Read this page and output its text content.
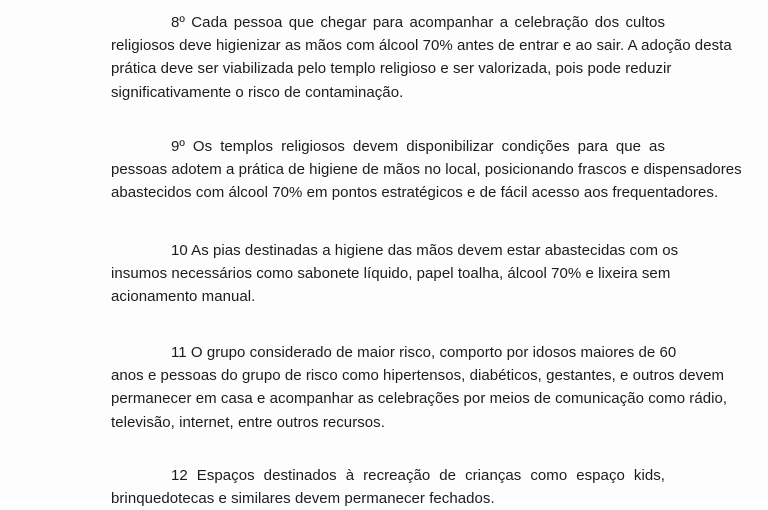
8º Cada pessoa que chegar para acompanhar a celebração dos cultos
religiosos deve higienizar as mãos com álcool 70% antes de entrar e ao sair. A adoção desta
prática deve ser viabilizada pelo templo religioso e ser valorizada, pois pode reduzir
significativamente o risco de contaminação.

9º Os templos religiosos devem disponibilizar condições para que as
pessoas adotem a prática de higiene de mãos no local, posicionando frascos e dispensadores
abastecidos com álcool 70% em pontos estratégicos e de fácil acesso aos frequentadores.

10 As pias destinadas a higiene das mãos devem estar abastecidas com os
insumos necessários como sabonete líquido, papel toalha, álcool 70% e lixeira sem
acionamento manual.

11 O grupo considerado de maior risco, comporto por idosos maiores de 60
anos e pessoas do grupo de risco como hipertensos, diabéticos, gestantes, e outros devem
permanecer em casa e acompanhar as celebrações por meios de comunicação como rádio,
televisão, internet, entre outros recursos.

12 Espaços destinados à recreação de crianças como espaço kids,
brinquedotecas e similares devem permanecer fechados.
